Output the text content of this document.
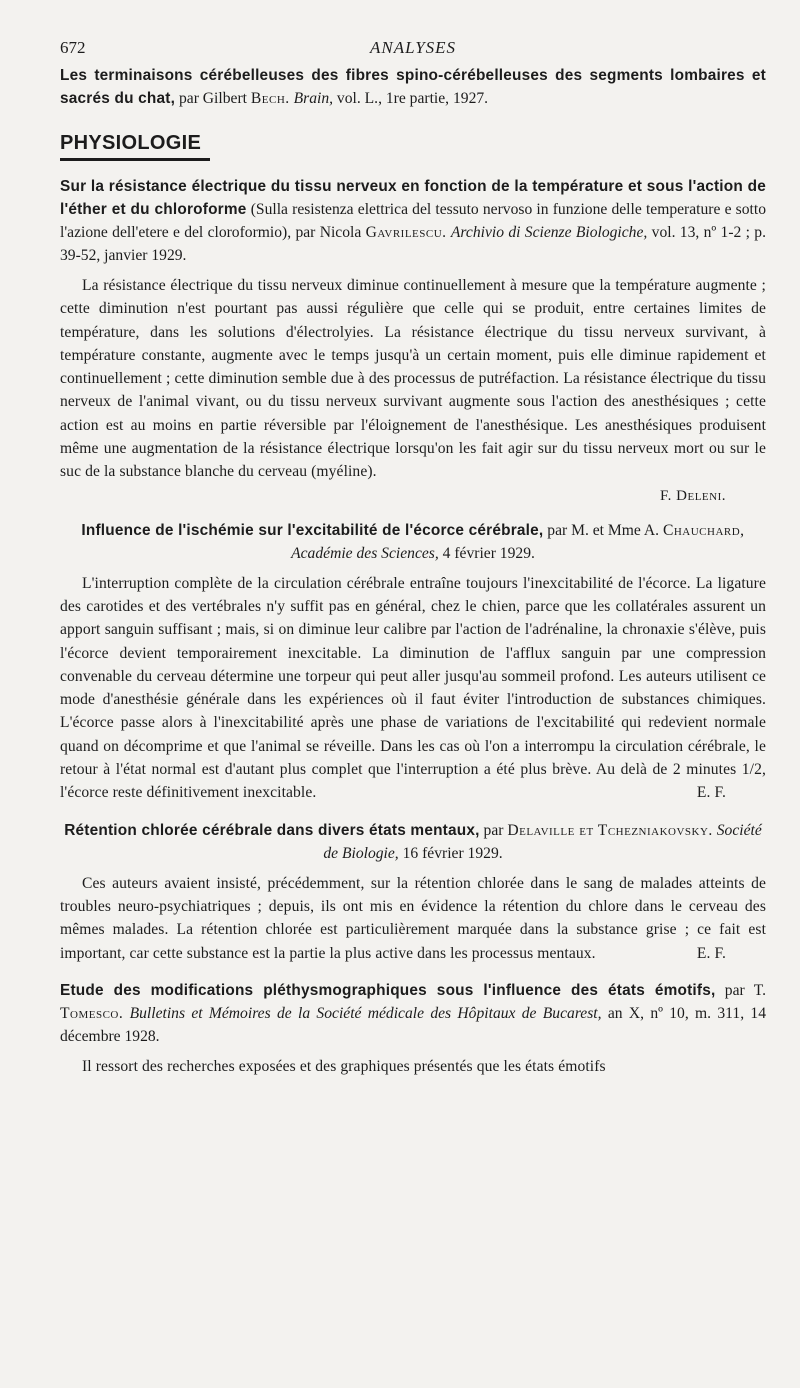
672	ANALYSES

Les terminaisons cérébelleuses des fibres spino-cérébelleuses des segments lombaires et sacrés du chat, par Gilbert Bech. Brain, vol. L., 1re partie, 1927.

PHYSIOLOGIE

Sur la résistance électrique du tissu nerveux en fonction de la température et sous l'action de l'éther et du chloroforme (Sulla resistenza elettrica del tessuto nervoso in funzione delle temperature e sotto l'azione dell'etere e del cloroformio), par Nicola Gavrilescu. Archivio di Scienze Biologiche, vol. 13, nº 1-2 ; p. 39-52, janvier 1929.

La résistance électrique du tissu nerveux diminue continuellement à mesure que la température augmente ; cette diminution n'est pourtant pas aussi régulière que celle qui se produit, entre certaines limites de température, dans les solutions d'électrolyies. La résistance électrique du tissu nerveux survivant, à température constante, augmente avec le temps jusqu'à un certain moment, puis elle diminue rapidement et continuellement ; cette diminution semble due à des processus de putréfaction. La résistance électrique du tissu nerveux de l'animal vivant, ou du tissu nerveux survivant augmente sous l'action des anesthésiques ; cette action est au moins en partie réversible par l'éloignement de l'anesthésique. Les anesthésiques produisent même une augmentation de la résistance électrique lorsqu'on les fait agir sur du tissu nerveux mort ou sur le suc de la substance blanche du cerveau (myéline).

F. Deleni.

Influence de l'ischémie sur l'excitabilité de l'écorce cérébrale, par M. et Mme A. Chauchard, Académie des Sciences, 4 février 1929.

L'interruption complète de la circulation cérébrale entraîne toujours l'inexcitabilité de l'écorce. La ligature des carotides et des vertébrales n'y suffit pas en général, chez le chien, parce que les collatérales assurent un apport sanguin suffisant ; mais, si on diminue leur calibre par l'action de l'adrénaline, la chronaxie s'élève, puis l'écorce devient temporairement inexcitable. La diminution de l'afflux sanguin par une compression convenable du cerveau détermine une torpeur qui peut aller jusqu'au sommeil profond. Les auteurs utilisent ce mode d'anesthésie générale dans les expériences où il faut éviter l'introduction de substances chimiques. L'écorce passe alors à l'inexcitabilité après une phase de variations de l'excitabilité qui redevient normale quand on décomprime et que l'animal se réveille. Dans les cas où l'on a interrompu la circulation cérébrale, le retour à l'état normal est d'autant plus complet que l'interruption a été plus brève. Au delà de 2 minutes 1/2, l'écorce reste définitivement inexcitable.	E. F.

Rétention chlorée cérébrale dans divers états mentaux, par Delaville et Tchezniakovsky. Société de Biologie, 16 février 1929.

Ces auteurs avaient insisté, précédemment, sur la rétention chlorée dans le sang de malades atteints de troubles neuro-psychiatriques ; depuis, ils ont mis en évidence la rétention du chlore dans le cerveau des mêmes malades. La rétention chlorée est particulièrement marquée dans la substance grise ; ce fait est important, car cette substance est la partie la plus active dans les processus mentaux.	E. F.

Etude des modifications pléthysmographiques sous l'influence des états émotifs, par T. Tomesco. Bulletins et Mémoires de la Société médicale des Hôpitaux de Bucarest, an X, nº 10, m. 311, 14 décembre 1928.

Il ressort des recherches exposées et des graphiques présentés que les états émotifs
